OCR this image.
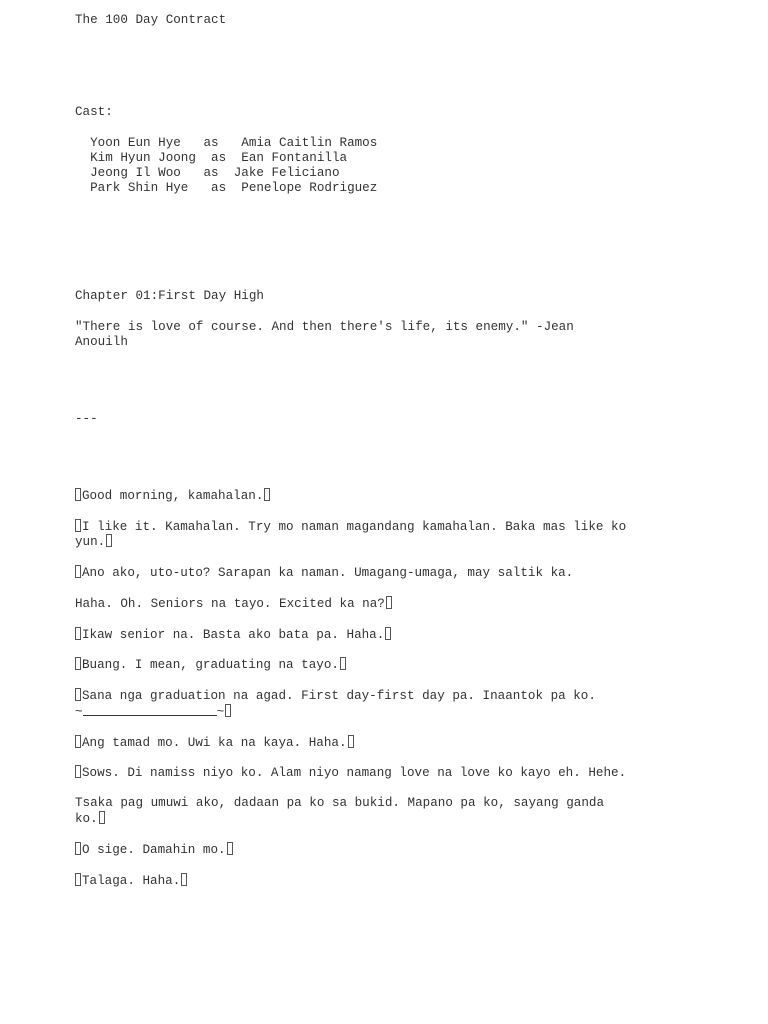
The 100 Day Contract
Cast:
Yoon Eun Hye   as   Amia Caitlin Ramos
Kim Hyun Joong  as  Ean Fontanilla
Jeong Il Woo   as  Jake Feliciano
Park Shin Hye   as  Penelope Rodriguez
Chapter 01:First Day High
"There is love of course. And then there's life, its enemy." -Jean
Anouilh
---
Good morning, kamahalan.
I like it. Kamahalan. Try mo naman magandang kamahalan. Baka mas like ko
yun.
Ano ako, uto-uto? Sarapan ka naman. Umagang-umaga, may saltik ka.
Haha. Oh. Seniors na tayo. Excited ka na?
Ikaw senior na. Basta ako bata pa. Haha.
Buang. I mean, graduating na tayo.
Sana nga graduation na agad. First day-first day pa. Inaantok pa ko.
~	~
Ang tamad mo. Uwi ka na kaya. Haha.
Sows. Di namiss niyo ko. Alam niyo namang love na love ko kayo eh. Hehe.
Tsaka pag umuwi ako, dadaan pa ko sa bukid. Mapano pa ko, sayang ganda
ko.
O sige. Damahin mo.
Talaga. Haha.
